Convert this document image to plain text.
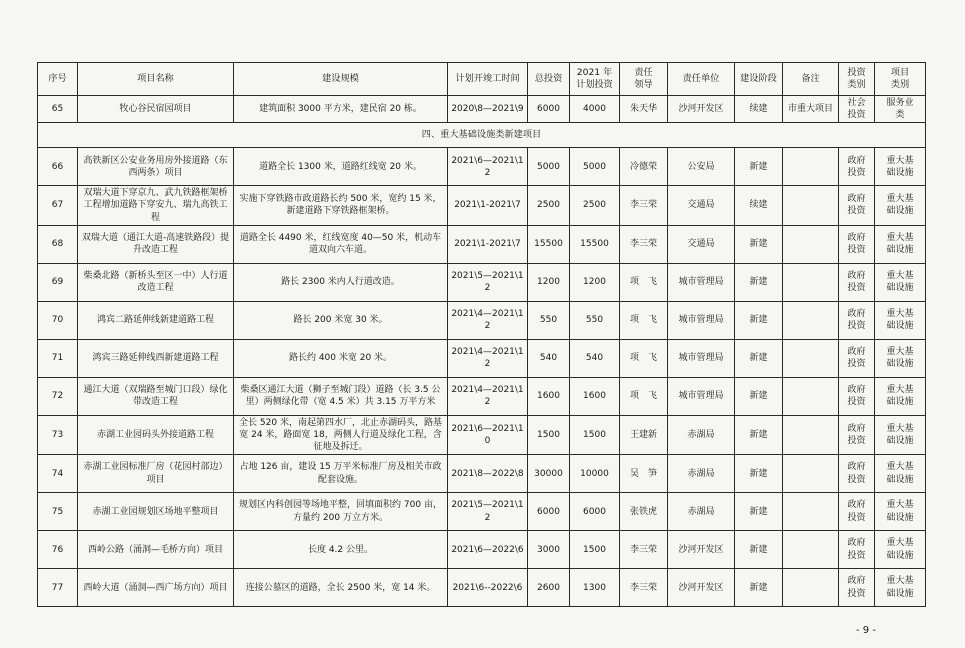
序号	项目名称	建设规模	计划开竣工时间	总投资	2021 年
计划投资	责任
领导	责任单位	建设阶段	备注	投资
类别	项目
类别
65	牧心谷民宿园项目	建筑面积 3000 平方米，建民宿 20 栋。	2020\8—2021\9	6000	4000	朱天华	沙河开发区	续建	市重大项目	社会
投资	服务业
类
四、重大基础设施类新建项目											
66	高铁新区公安业务用房外接道路（东西两条）项目	道路全长 1300 米，道路红线宽 20 米。	2021\6—2021\12	5000	5000	冷德荣	公安局	新建		政府
投资	重大基
础设施
67	双瑞大道下穿京九、武九铁路框架桥工程增加道路下穿安九、瑞九高铁工程	实施下穿铁路市政道路长约 500 米，宽约 15 米，新建道路下穿铁路框架桥。	2021\1-2021\7	2500	2500	李三荣	交通局	续建		政府
投资	重大基
础设施
68	双瑞大道（通江大道-高速铁路段）提升改造工程	道路全长 4490 米，红线宽度 40—50 米，机动车道双向六车道。	2021\1-2021\7	15500	15500	李三荣	交通局	新建		政府
投资	重大基
础设施
69	柴桑北路（新桥头至区一中）人行道改造工程	路长 2300 米内人行道改造。	2021\5—2021\12	1200	1200	项　飞	城市管理局	新建		政府
投资	重大基
础设施
70	鸿宾二路延伸线新建道路工程	路长 200 米宽 30 米。	2021\4—2021\12	550	550	项　飞	城市管理局	新建		政府
投资	重大基
础设施
71	鸿宾三路延伸线西新建道路工程	路长约 400 米宽 20 米。	2021\4—2021\12	540	540	项　飞	城市管理局	新建		政府
投资	重大基
础设施
72	通江大道（双瑞路至城门口段）绿化带改造工程	柴桑区通江大道（狮子至城门段）道路（长 3.5 公里）两侧绿化带（宽 4.5 米）共 3.15 万平方米	2021\4—2021\12	1600	1600	项　飞	城市管理局	新建		政府
投资	重大基
础设施
73	赤湖工业园码头外接道路工程	全长 520 米，南起第四水厂，北止赤湖码头，路基宽 24 米，路面宽 18，两侧人行道及绿化工程，含征地及拆迁。	2021\6—2021\10	1500	1500	王建新	赤湖局	新建		政府
投资	重大基
础设施
74	赤湖工业园标准厂房（花园村部边）项目	占地 126 亩，建设 15 万平米标准厂房及相关市政配套设施。	2021\8—2022\8	30000	10000	吴　笋	赤湖局	新建		政府
投资	重大基
础设施
75	赤湖工业园规划区场地平整项目	规划区内科创园等场地平整，回填面积约 700 亩，方量约 200 万立方米。	2021\5—2021\12	6000	6000	张铁虎	赤湖局	新建		政府
投资	重大基
础设施
76	西岭公路（涌洞—毛桥方向）项目	长度 4.2 公里。	2021\6—2022\6	3000	1500	李三荣	沙河开发区	新建		政府
投资	重大基
础设施
77	西岭大道（涌洞—西广场方向）项目	连接公墓区的道路，全长 2500 米，宽 14 米。	2021\6--2022\6	2600	1300	李三荣	沙河开发区	新建		政府
投资	重大基
础设施
- 9 -
